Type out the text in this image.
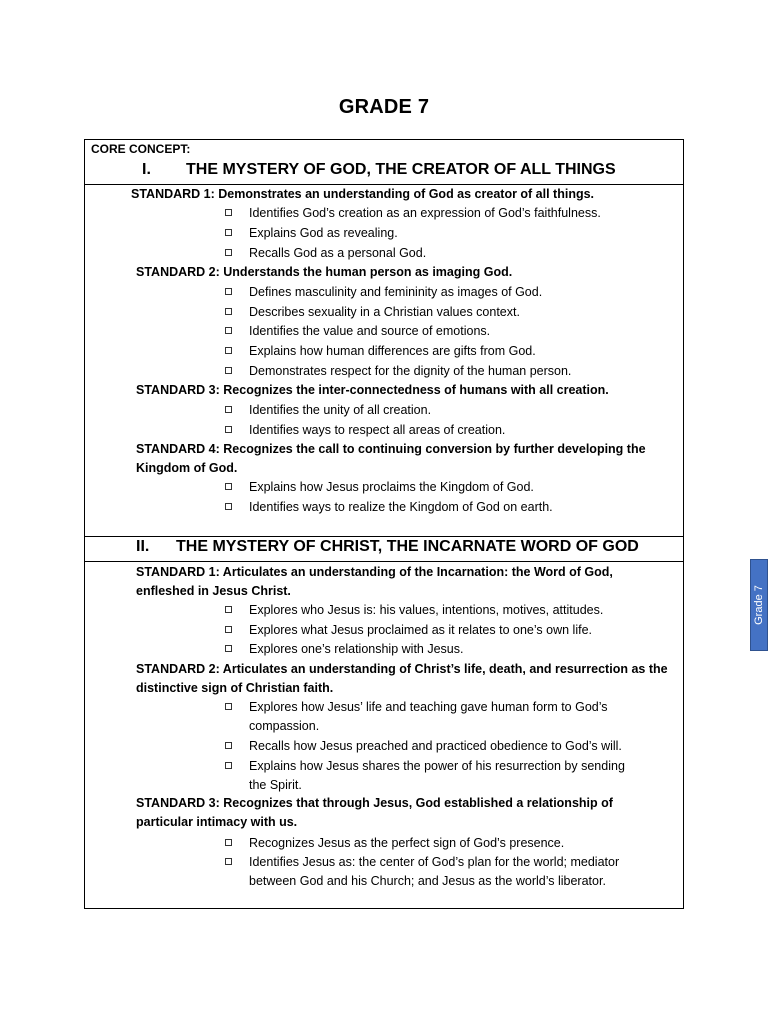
GRADE 7
CORE CONCEPT:
I. THE MYSTERY OF GOD, THE CREATOR OF ALL THINGS
STANDARD 1: Demonstrates an understanding of God as creator of all things.
Identifies God’s creation as an expression of God’s faithfulness.
Explains God as revealing.
Recalls God as a personal God.
STANDARD 2: Understands the human person as imaging God.
Defines masculinity and femininity as images of God.
Describes sexuality in a Christian values context.
Identifies the value and source of emotions.
Explains how human differences are gifts from God.
Demonstrates respect for the dignity of the human person.
STANDARD 3: Recognizes the inter-connectedness of humans with all creation.
Identifies the unity of all creation.
Identifies ways to respect all areas of creation.
STANDARD 4: Recognizes the call to continuing conversion by further developing the Kingdom of God.
Explains how Jesus proclaims the Kingdom of God.
Identifies ways to realize the Kingdom of God on earth.
II. THE MYSTERY OF CHRIST, THE INCARNATE WORD OF GOD
STANDARD 1: Articulates an understanding of the Incarnation: the Word of God, enfleshed in Jesus Christ.
Explores who Jesus is: his values, intentions, motives, attitudes.
Explores what Jesus proclaimed as it relates to one’s own life.
Explores one’s relationship with Jesus.
STANDARD 2: Articulates an understanding of Christ’s life, death, and resurrection as the distinctive sign of Christian faith.
Explores how Jesus’ life and teaching gave human form to God’s compassion.
Recalls how Jesus preached and practiced obedience to God’s will.
Explains how Jesus shares the power of his resurrection by sending the Spirit.
STANDARD 3: Recognizes that through Jesus, God established a relationship of particular intimacy with us.
Recognizes Jesus as the perfect sign of God’s presence.
Identifies Jesus as: the center of God’s plan for the world; mediator between God and his Church; and Jesus as the world’s liberator.
Grade 7
